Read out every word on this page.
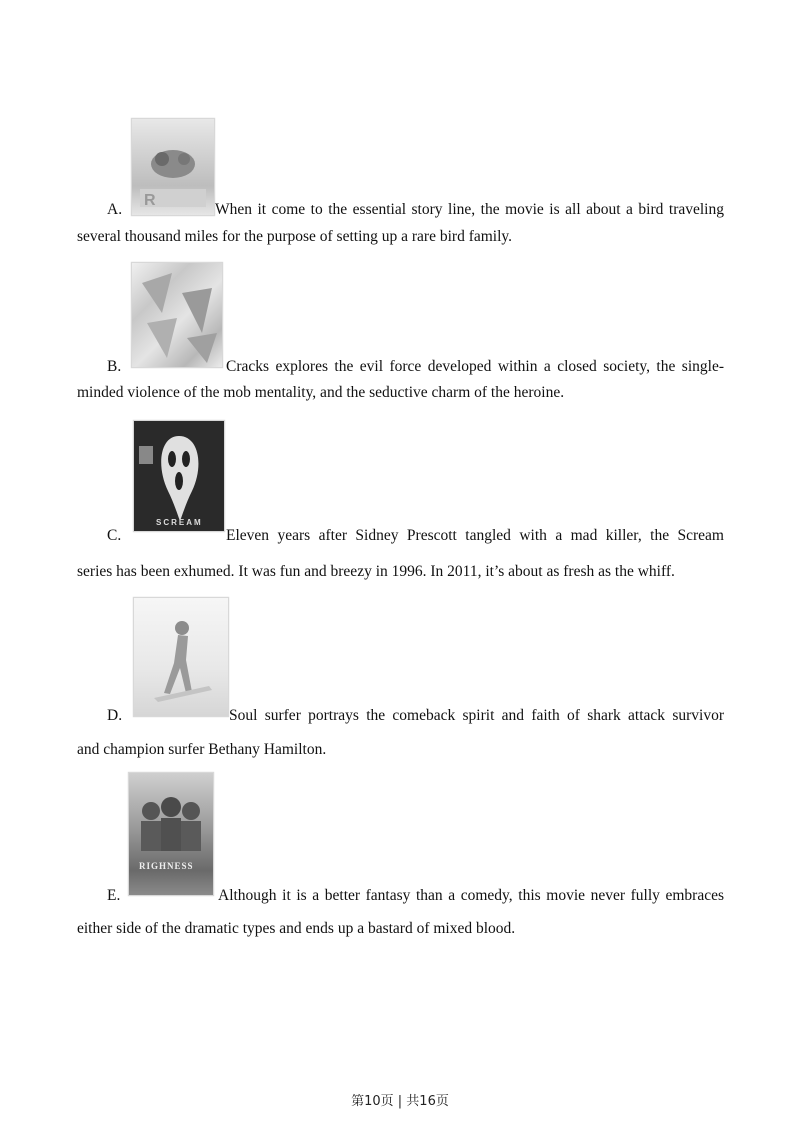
R
A.	When it come to the essential story line, the movie is all about a bird traveling
several thousand miles for the purpose of setting up a rare bird family.
B.	Cracks explores the evil force developed within a closed society, the single-
minded violence of the mob mentality, and the seductive charm of the heroine.
SCREAM
C.	Eleven years after Sidney Prescott tangled with a mad killer, the Scream
series has been exhumed. It was fun and breezy in 1996. In 2011, it’s about as fresh as the whiff.
D.	Soul surfer portrays the comeback spirit and faith of shark attack survivor
and champion surfer Bethany Hamilton.
RIGHNESS
E.	Although it is a better fantasy than a comedy, this movie never fully embraces
either side of the dramatic types and ends up a bastard of mixed blood.
第10页 | 共16页
